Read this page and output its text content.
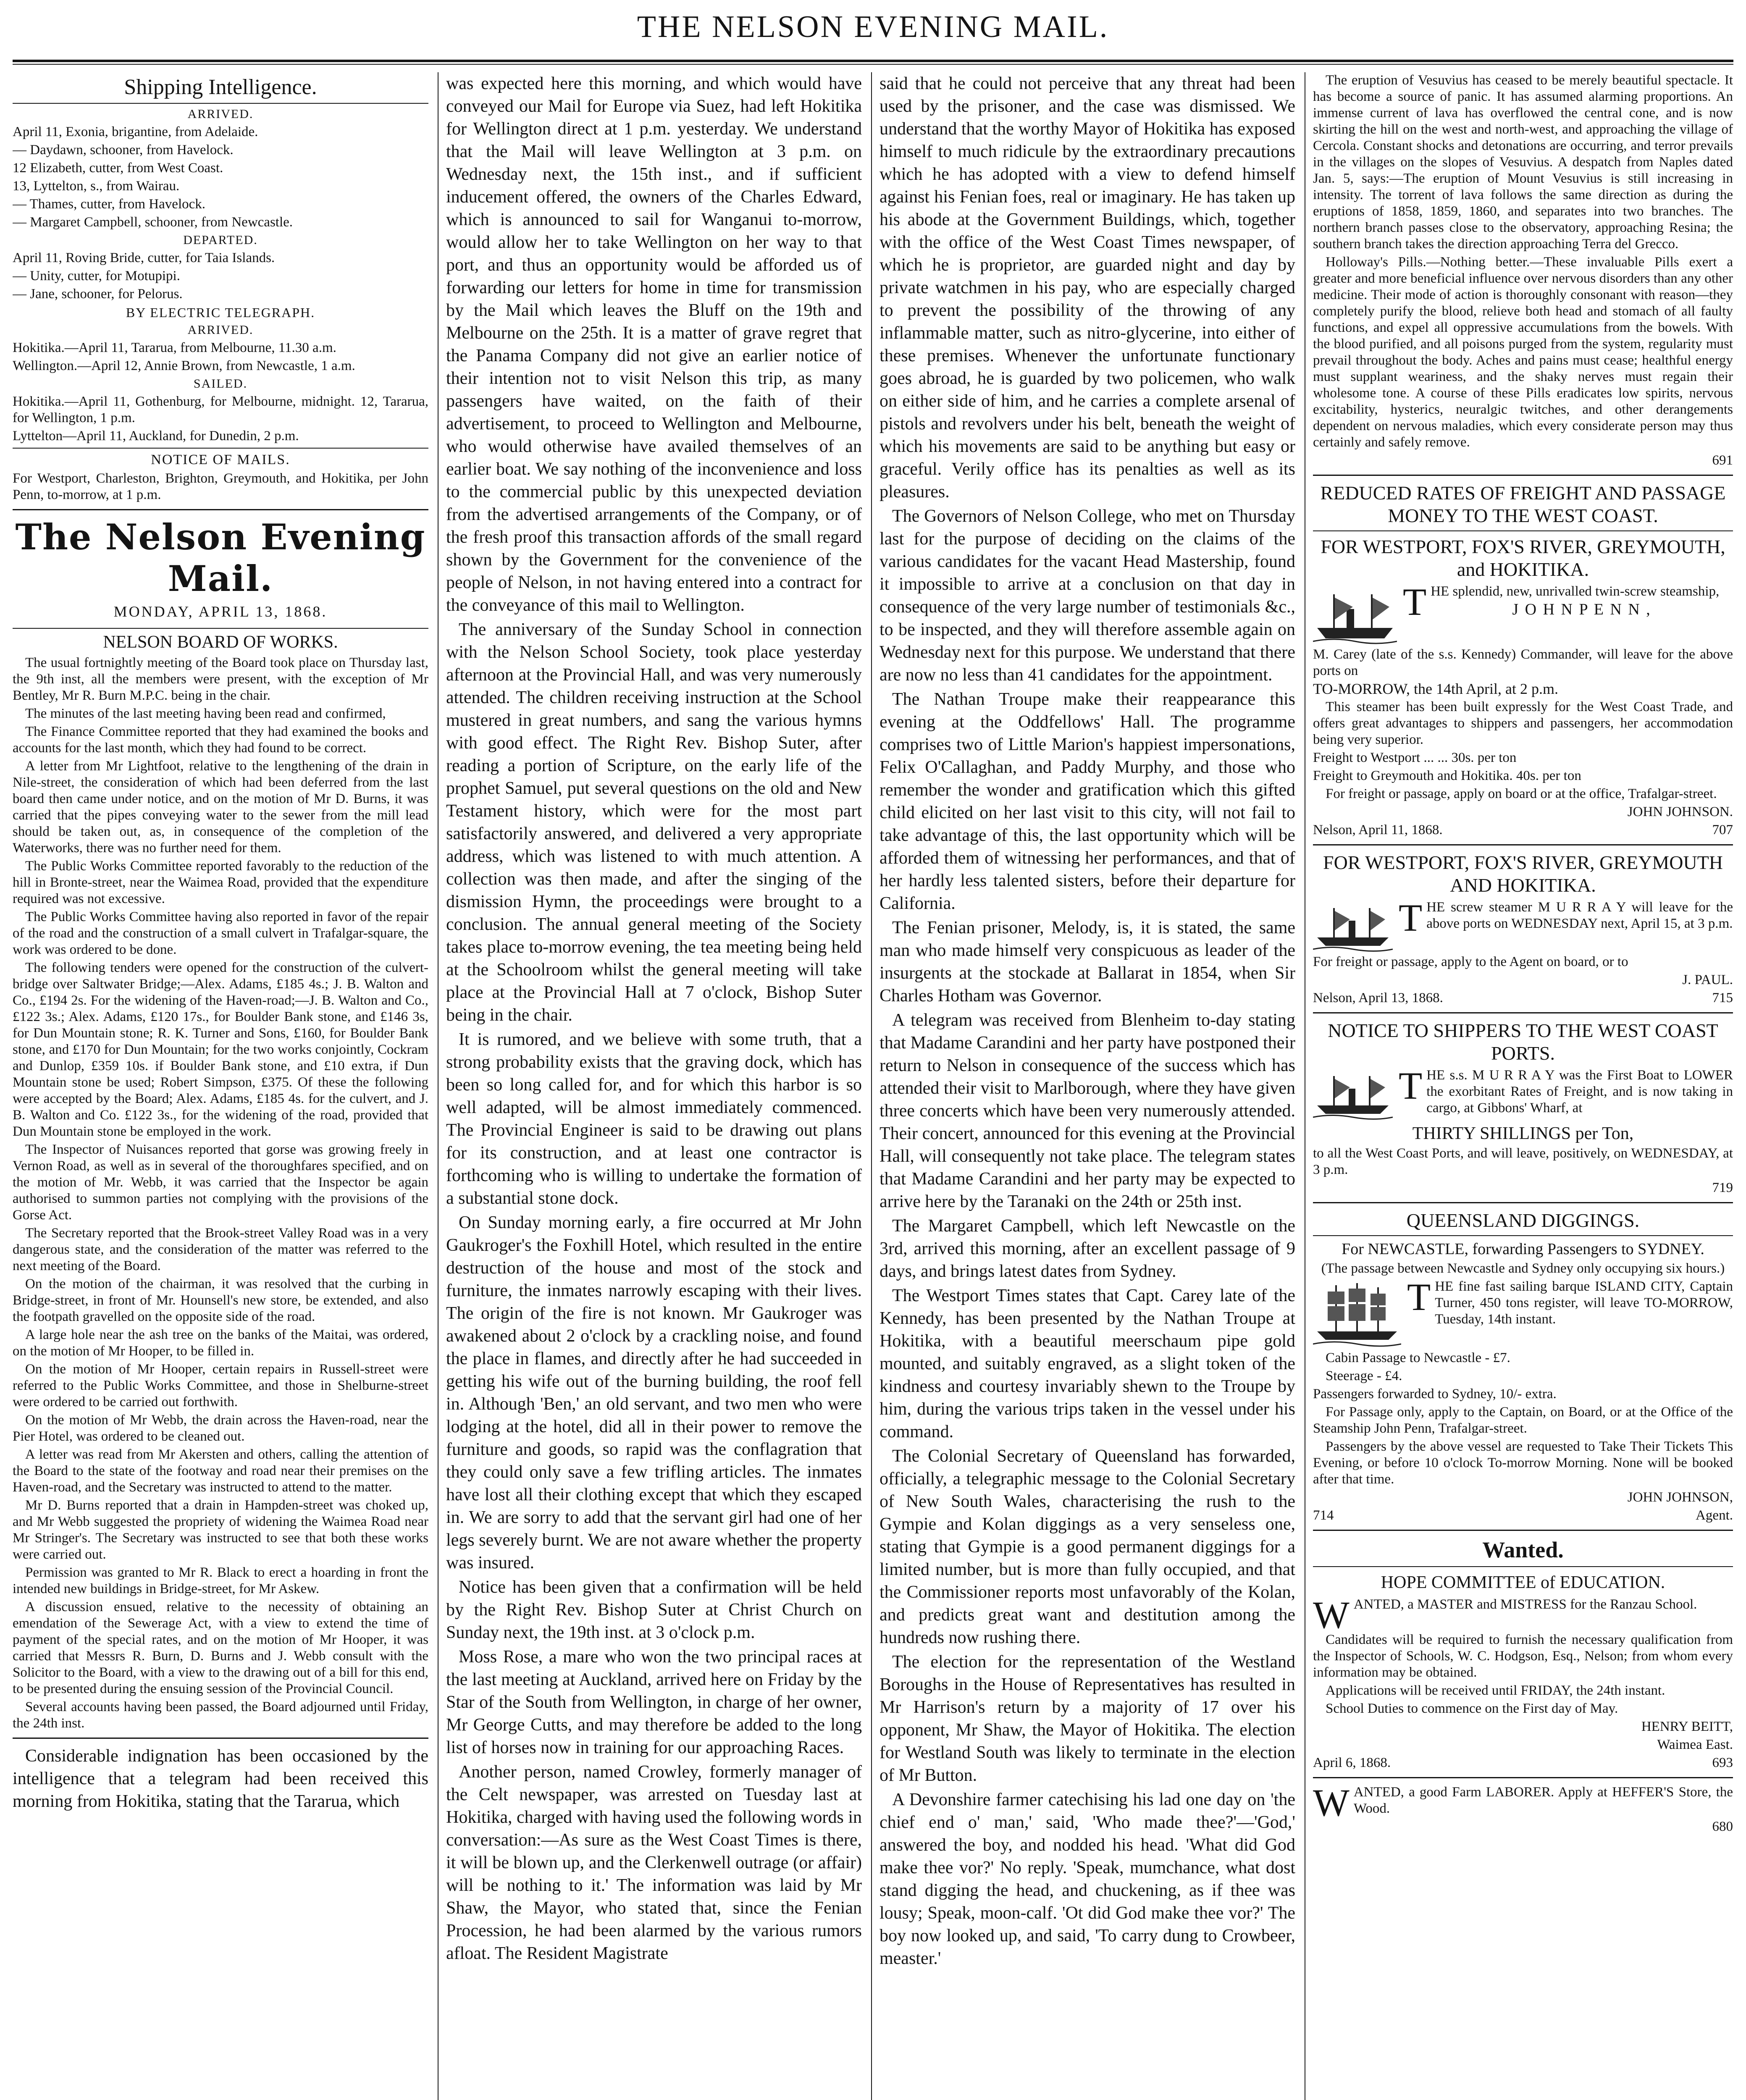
THE NELSON EVENING MAIL.
Shipping Intelligence.
ARRIVED.

April 11, Exonia, brigantine, from Adelaide.

— Daydawn, schooner, from Havelock.

12 Elizabeth, cutter, from West Coast.

13, Lyttelton, s., from Wairau.

— Thames, cutter, from Havelock.

— Margaret Campbell, schooner, from Newcastle.

DEPARTED.

April 11, Roving Bride, cutter, for Taia Islands.

— Unity, cutter, for Motupipi.

— Jane, schooner, for Pelorus.

BY ELECTRIC TELEGRAPH.
ARRIVED.

Hokitika.—April 11, Tararua, from Melbourne, 11.30 a.m.

Wellington.—April 12, Annie Brown, from Newcastle, 1 a.m.

SAILED.

Hokitika.—April 11, Gothenburg, for Melbourne, midnight. 12, Tararua, for Wellington, 1 p.m.

Lyttelton—April 11, Auckland, for Dunedin, 2 p.m.

NOTICE OF MAILS.

For Westport, Charleston, Brighton, Greymouth, and Hokitika, per John Penn, to-morrow, at 1 p.m.

The Nelson Evening Mail.
MONDAY, APRIL 13, 1868.
NELSON BOARD OF WORKS.

The usual fortnightly meeting of the Board took place on Thursday last, the 9th inst, all the members were present, with the exception of Mr Bentley, Mr R. Burn M.P.C. being in the chair.

The minutes of the last meeting having been read and confirmed,

The Finance Committee reported that they had examined the books and accounts for the last month, which they had found to be correct.

A letter from Mr Lightfoot, relative to the lengthening of the drain in Nile-street, the consideration of which had been deferred from the last board then came under notice, and on the motion of Mr D. Burns, it was carried that the pipes conveying water to the sewer from the mill lead should be taken out, as, in consequence of the completion of the Waterworks, there was no further need for them.

The Public Works Committee reported favorably to the reduction of the hill in Bronte-street, near the Waimea Road, provided that the expenditure required was not excessive.

The Public Works Committee having also reported in favor of the repair of the road and the construction of a small culvert in Trafalgar-square, the work was ordered to be done.

The following tenders were opened for the construction of the culvert-bridge over Saltwater Bridge;—Alex. Adams, £185 4s.; J. B. Walton and Co., £194 2s. For the widening of the Haven-road;—J. B. Walton and Co., £122 3s.; Alex. Adams, £120 17s., for Boulder Bank stone, and £146 3s, for Dun Mountain stone; R. K. Turner and Sons, £160, for Boulder Bank stone, and £170 for Dun Mountain; for the two works conjointly, Cockram and Dunlop, £359 10s. if Boulder Bank stone, and £10 extra, if Dun Mountain stone be used; Robert Simpson, £375. Of these the following were accepted by the Board; Alex. Adams, £185 4s. for the culvert, and J. B. Walton and Co. £122 3s., for the widening of the road, provided that Dun Mountain stone be employed in the work.

The Inspector of Nuisances reported that gorse was growing freely in Vernon Road, as well as in several of the thoroughfares specified, and on the motion of Mr. Webb, it was carried that the Inspector be again authorised to summon parties not complying with the provisions of the Gorse Act.

The Secretary reported that the Brook-street Valley Road was in a very dangerous state, and the consideration of the matter was referred to the next meeting of the Board.

On the motion of the chairman, it was resolved that the curbing in Bridge-street, in front of Mr. Hounsell's new store, be extended, and also the footpath gravelled on the opposite side of the road.

A large hole near the ash tree on the banks of the Maitai, was ordered, on the motion of Mr Hooper, to be filled in.

On the motion of Mr Hooper, certain repairs in Russell-street were referred to the Public Works Committee, and those in Shelburne-street were ordered to be carried out forthwith.

On the motion of Mr Webb, the drain across the Haven-road, near the Pier Hotel, was ordered to be cleaned out.

A letter was read from Mr Akersten and others, calling the attention of the Board to the state of the footway and road near their premises on the Haven-road, and the Secretary was instructed to attend to the matter.

Mr D. Burns reported that a drain in Hampden-street was choked up, and Mr Webb suggested the propriety of widening the Waimea Road near Mr Stringer's. The Secretary was instructed to see that both these works were carried out.

Permission was granted to Mr R. Black to erect a hoarding in front the intended new buildings in Bridge-street, for Mr Askew.

A discussion ensued, relative to the necessity of obtaining an emendation of the Sewerage Act, with a view to extend the time of payment of the special rates, and on the motion of Mr Hooper, it was carried that Messrs R. Burn, D. Burns and J. Webb consult with the Solicitor to the Board, with a view to the drawing out of a bill for this end, to be presented during the ensuing session of the Provincial Council.

Several accounts having been passed, the Board adjourned until Friday, the 24th inst.

Considerable indignation has been occasioned by the intelligence that a telegram had been received this morning from Hokitika, stating that the Tararua, which

was expected here this morning, and which would have conveyed our Mail for Europe via Suez, had left Hokitika for Wellington direct at 1 p.m. yesterday. We understand that the Mail will leave Wellington at 3 p.m. on Wednesday next, the 15th inst., and if sufficient inducement offered, the owners of the Charles Edward, which is announced to sail for Wanganui to-morrow, would allow her to take Wellington on her way to that port, and thus an opportunity would be afforded us of forwarding our letters for home in time for transmission by the Mail which leaves the Bluff on the 19th and Melbourne on the 25th. It is a matter of grave regret that the Panama Company did not give an earlier notice of their intention not to visit Nelson this trip, as many passengers have waited, on the faith of their advertisement, to proceed to Wellington and Melbourne, who would otherwise have availed themselves of an earlier boat. We say nothing of the inconvenience and loss to the commercial public by this unexpected deviation from the advertised arrangements of the Company, or of the fresh proof this transaction affords of the small regard shown by the Government for the convenience of the people of Nelson, in not having entered into a contract for the conveyance of this mail to Wellington.

The anniversary of the Sunday School in connection with the Nelson School Society, took place yesterday afternoon at the Provincial Hall, and was very numerously attended. The children receiving instruction at the School mustered in great numbers, and sang the various hymns with good effect. The Right Rev. Bishop Suter, after reading a portion of Scripture, on the early life of the prophet Samuel, put several questions on the old and New Testament history, which were for the most part satisfactorily answered, and delivered a very appropriate address, which was listened to with much attention. A collection was then made, and after the singing of the dismission Hymn, the proceedings were brought to a conclusion. The annual general meeting of the Society takes place to-morrow evening, the tea meeting being held at the Schoolroom whilst the general meeting will take place at the Provincial Hall at 7 o'clock, Bishop Suter being in the chair.

It is rumored, and we believe with some truth, that a strong probability exists that the graving dock, which has been so long called for, and for which this harbor is so well adapted, will be almost immediately commenced. The Provincial Engineer is said to be drawing out plans for its construction, and at least one contractor is forthcoming who is willing to undertake the formation of a substantial stone dock.

On Sunday morning early, a fire occurred at Mr John Gaukroger's the Foxhill Hotel, which resulted in the entire destruction of the house and most of the stock and furniture, the inmates narrowly escaping with their lives. The origin of the fire is not known. Mr Gaukroger was awakened about 2 o'clock by a crackling noise, and found the place in flames, and directly after he had succeeded in getting his wife out of the burning building, the roof fell in. Although 'Ben,' an old servant, and two men who were lodging at the hotel, did all in their power to remove the furniture and goods, so rapid was the conflagration that they could only save a few trifling articles. The inmates have lost all their clothing except that which they escaped in. We are sorry to add that the servant girl had one of her legs severely burnt. We are not aware whether the property was insured.

Notice has been given that a confirmation will be held by the Right Rev. Bishop Suter at Christ Church on Sunday next, the 19th inst. at 3 o'clock p.m.

Moss Rose, a mare who won the two principal races at the last meeting at Auckland, arrived here on Friday by the Star of the South from Wellington, in charge of her owner, Mr George Cutts, and may therefore be added to the long list of horses now in training for our approaching Races.

Another person, named Crowley, formerly manager of the Celt newspaper, was arrested on Tuesday last at Hokitika, charged with having used the following words in conversation:—As sure as the West Coast Times is there, it will be blown up, and the Clerkenwell outrage (or affair) will be nothing to it.' The information was laid by Mr Shaw, the Mayor, who stated that, since the Fenian Procession, he had been alarmed by the various rumors afloat. The Resident Magistrate

said that he could not perceive that any threat had been used by the prisoner, and the case was dismissed. We understand that the worthy Mayor of Hokitika has exposed himself to much ridicule by the extraordinary precautions which he has adopted with a view to defend himself against his Fenian foes, real or imaginary. He has taken up his abode at the Government Buildings, which, together with the office of the West Coast Times newspaper, of which he is proprietor, are guarded night and day by private watchmen in his pay, who are especially charged to prevent the possibility of the throwing of any inflammable matter, such as nitro-glycerine, into either of these premises. Whenever the unfortunate functionary goes abroad, he is guarded by two policemen, who walk on either side of him, and he carries a complete arsenal of pistols and revolvers under his belt, beneath the weight of which his movements are said to be anything but easy or graceful. Verily office has its penalties as well as its pleasures.

The Governors of Nelson College, who met on Thursday last for the purpose of deciding on the claims of the various candidates for the vacant Head Mastership, found it impossible to arrive at a conclusion on that day in consequence of the very large number of testimonials &c., to be inspected, and they will therefore assemble again on Wednesday next for this purpose. We understand that there are now no less than 41 candidates for the appointment.

The Nathan Troupe make their reappearance this evening at the Oddfellows' Hall. The programme comprises two of Little Marion's happiest impersonations, Felix O'Callaghan, and Paddy Murphy, and those who remember the wonder and gratification which this gifted child elicited on her last visit to this city, will not fail to take advantage of this, the last opportunity which will be afforded them of witnessing her performances, and that of her hardly less talented sisters, before their departure for California.

The Fenian prisoner, Melody, is, it is stated, the same man who made himself very conspicuous as leader of the insurgents at the stockade at Ballarat in 1854, when Sir Charles Hotham was Governor.

A telegram was received from Blenheim to-day stating that Madame Carandini and her party have postponed their return to Nelson in consequence of the success which has attended their visit to Marlborough, where they have given three concerts which have been very numerously attended. Their concert, announced for this evening at the Provincial Hall, will consequently not take place. The telegram states that Madame Carandini and her party may be expected to arrive here by the Taranaki on the 24th or 25th inst.

The Margaret Campbell, which left Newcastle on the 3rd, arrived this morning, after an excellent passage of 9 days, and brings latest dates from Sydney.

The Westport Times states that Capt. Carey late of the Kennedy, has been presented by the Nathan Troupe at Hokitika, with a beautiful meerschaum pipe gold mounted, and suitably engraved, as a slight token of the kindness and courtesy invariably shewn to the Troupe by him, during the various trips taken in the vessel under his command.

The Colonial Secretary of Queensland has forwarded, officially, a telegraphic message to the Colonial Secretary of New South Wales, characterising the rush to the Gympie and Kolan diggings as a very senseless one, stating that Gympie is a good permanent diggings for a limited number, but is more than fully occupied, and that the Commissioner reports most unfavorably of the Kolan, and predicts great want and destitution among the hundreds now rushing there.

The election for the representation of the Westland Boroughs in the House of Representatives has resulted in Mr Harrison's return by a majority of 17 over his opponent, Mr Shaw, the Mayor of Hokitika. The election for Westland South was likely to terminate in the election of Mr Button.

A Devonshire farmer catechising his lad one day on 'the chief end o' man,' said, 'Who made thee?'—'God,' answered the boy, and nodded his head. 'What did God make thee vor?' No reply. 'Speak, mumchance, what dost stand digging the head, and chuckening, as if thee was lousy; Speak, moon-calf. 'Ot did God make thee vor?' The boy now looked up, and said, 'To carry dung to Crowbeer, measter.'

The eruption of Vesuvius has ceased to be merely beautiful spectacle. It has become a source of panic. It has assumed alarming proportions. An immense current of lava has overflowed the central cone, and is now skirting the hill on the west and north-west, and approaching the village of Cercola. Constant shocks and detonations are occurring, and terror prevails in the villages on the slopes of Vesuvius. A despatch from Naples dated Jan. 5, says:—The eruption of Mount Vesuvius is still increasing in intensity. The torrent of lava follows the same direction as during the eruptions of 1858, 1859, 1860, and separates into two branches. The northern branch passes close to the observatory, approaching Resina; the southern branch takes the direction approaching Terra del Grecco.

Holloway's Pills.—Nothing better.—These invaluable Pills exert a greater and more beneficial influence over nervous disorders than any other medicine. Their mode of action is thoroughly consonant with reason—they completely purify the blood, relieve both head and stomach of all faulty functions, and expel all oppressive accumulations from the bowels. With the blood purified, and all poisons purged from the system, regularity must prevail throughout the body. Aches and pains must cease; healthful energy must supplant weariness, and the shaky nerves must regain their wholesome tone. A course of these Pills eradicates low spirits, nervous excitability, hysterics, neuralgic twitches, and other derangements dependent on nervous maladies, which every considerate person may thus certainly and safely remove.

691

REDUCED RATES OF FREIGHT AND PASSAGE MONEY TO THE WEST COAST.
FOR WESTPORT, FOX'S RIVER, GREYMOUTH, and HOKITIKA.
T HE splendid, new, unrivalled twin-screw steamship,

J O H N P E N N ,

M. Carey (late of the s.s. Kennedy) Commander, will leave for the above ports on

TO-MORROW, the 14th April, at 2 p.m.

This steamer has been built expressly for the West Coast Trade, and offers great advantages to shippers and passengers, her accommodation being very superior.

Freight to Westport ... ... 30s. per ton

Freight to Greymouth and Hokitika. 40s. per ton

For freight or passage, apply on board or at the office, Trafalgar-street.

JOHN JOHNSON.

Nelson, April 11, 1868.	707
FOR WESTPORT, FOX'S RIVER, GREYMOUTH AND HOKITIKA.
T HE screw steamer M U R R A Y will leave for the above ports on WEDNESDAY next, April 15, at 3 p.m.

For freight or passage, apply to the Agent on board, or to

J. PAUL.

Nelson, April 13, 1868.	715
NOTICE TO SHIPPERS TO THE WEST COAST PORTS.
T HE s.s. M U R R A Y was the First Boat to LOWER the exorbitant Rates of Freight, and is now taking in cargo, at Gibbons' Wharf, at

THIRTY SHILLINGS per Ton,

to all the West Coast Ports, and will leave, positively, on WEDNESDAY, at 3 p.m.

719

QUEENSLAND DIGGINGS.

For NEWCASTLE, forwarding Passengers to SYDNEY.

(The passage between Newcastle and Sydney only occupying six hours.)

T HE fine fast sailing barque ISLAND CITY, Captain Turner, 450 tons register, will leave TO-MORROW, Tuesday, 14th instant.

Cabin Passage to Newcastle - £7.

Steerage - £4.

Passengers forwarded to Sydney, 10/- extra.

For Passage only, apply to the Captain, on Board, or at the Office of the Steamship John Penn, Trafalgar-street.

Passengers by the above vessel are requested to Take Their Tickets This Evening, or before 10 o'clock To-morrow Morning. None will be booked after that time.

JOHN JOHNSON,

714	Agent.
Wanted.
HOPE COMMITTEE of EDUCATION.
W ANTED, a MASTER and MISTRESS for the Ranzau School.

Candidates will be required to furnish the necessary qualification from the Inspector of Schools, W. C. Hodgson, Esq., Nelson; from whom every information may be obtained.

Applications will be received until FRIDAY, the 24th instant.

School Duties to commence on the First day of May.

HENRY BEITT,

Waimea East.

April 6, 1868.	693
W ANTED, a good Farm LABORER. Apply at HEFFER'S Store, the Wood.

680
